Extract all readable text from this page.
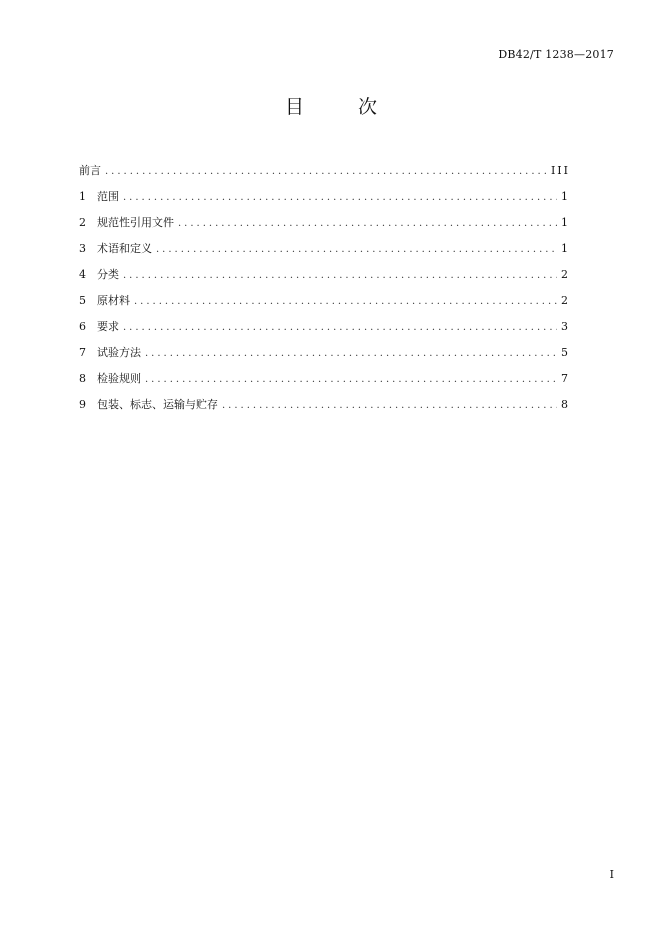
DB42/T 1238—2017
目 次
前言 .....	III
1	范围 .....	1
2	规范性引用文件 .....	1
3	术语和定义 .....	1
4	分类 .....	2
5	原材料 .....	2
6	要求 .....	3
7	试验方法 .....	5
8	检验规则 .....	7
9	包装、标志、运输与贮存 .....	8
I
